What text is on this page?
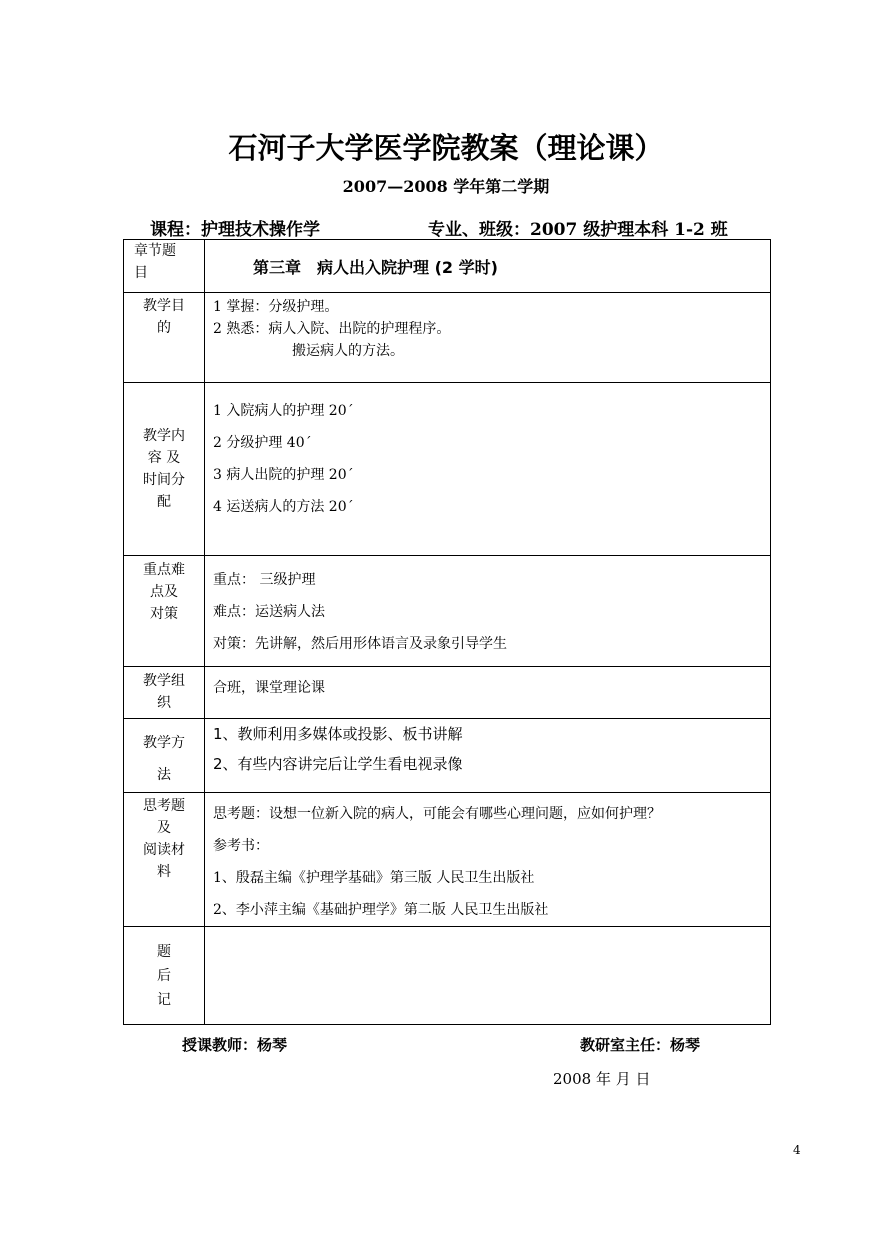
石河子大学医学院教案（理论课）
2007—2008 学年第二学期
课程：护理技术操作学	专业、班级：2007 级护理本科 1-2 班
章节题
目	第三章　病人出入院护理 (2 学时)

教学目
的	1 掌握：分级护理。
2 熟悉：病人入院、出院的护理程序。
搬运病人的方法。

教学内
容 及
时间分
配	1 入院病人的护理 20´
2 分级护理 40´
3 病人出院的护理 20´
4 运送病人的方法 20´

重点难
点及
对策	重点： 三级护理
难点：运送病人法
对策：先讲解，然后用形体语言及录象引导学生

教学组
织	合班，课堂理论课

教学方
法	1、教师利用多媒体或投影、板书讲解
2、有些内容讲完后让学生看电视录像

思考题
及
阅读材
料	思考题：设想一位新入院的病人，可能会有哪些心理问题，应如何护理？
参考书：
1、殷磊主编《护理学基础》第三版 人民卫生出版社
2、李小萍主编《基础护理学》第二版 人民卫生出版社

题
后
记	

授课教师：杨琴	教研室主任：杨琴
2008 年 月 日
4
